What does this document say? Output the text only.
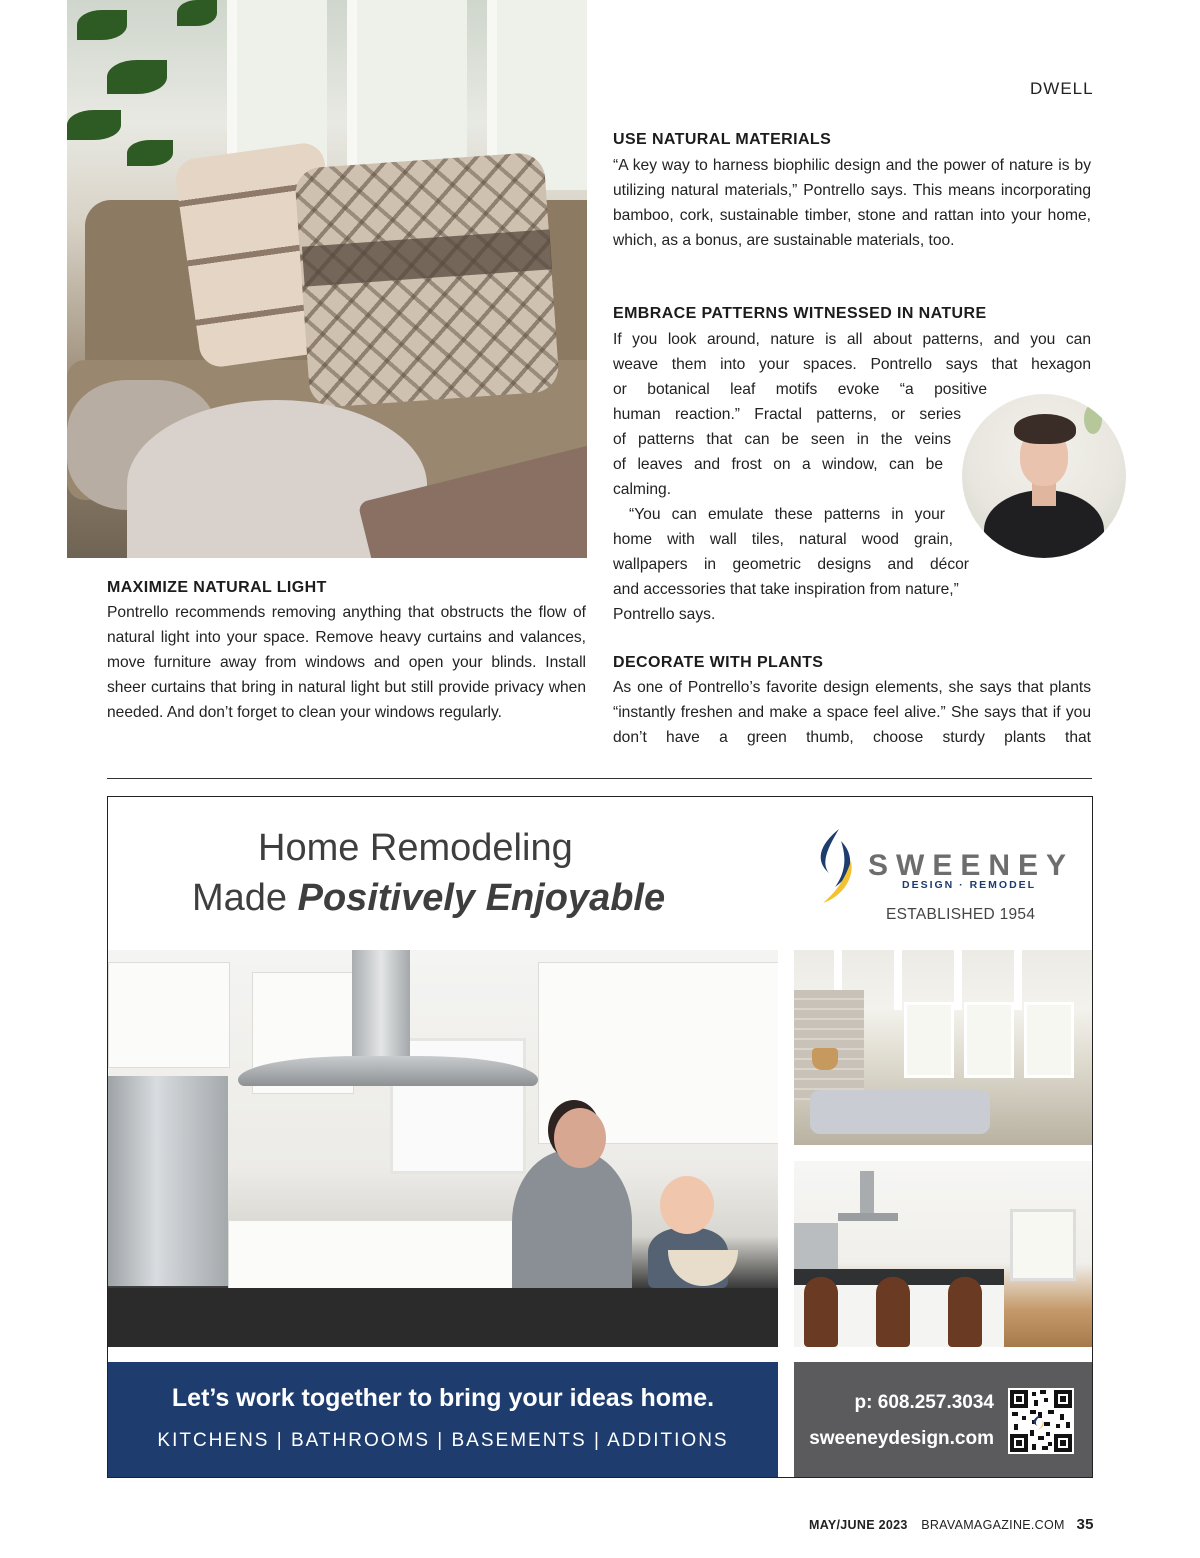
DWELL
USE NATURAL MATERIALS

“A key way to harness biophilic design and the power of nature is by utilizing natural materials,” Pontrello says. This means incorporating bamboo, cork, sustainable timber, stone and rattan into your home, which, as a bonus, are sustainable materials, too.

EMBRACE PATTERNS WITNESSED IN NATURE

If you look around, nature is all about patterns, and you can

weave them into your spaces. Pontrello says that hexagon

or botanical leaf motifs evoke “a positive

human reaction.” Fractal patterns, or series

of patterns that can be seen in the veins

of leaves and frost on a window, can be

calming.

“You can emulate these patterns in your

home with wall tiles, natural wood grain,

wallpapers in geometric designs and décor

and accessories that take inspiration from nature,”

Pontrello says.

DECORATE WITH PLANTS

As one of Pontrello’s favorite design elements, she says that plants “instantly freshen and make a space feel alive.” She says that if you don’t have a green thumb, choose sturdy plants that

MAXIMIZE NATURAL LIGHT

Pontrello recommends removing anything that obstructs the flow of natural light into your space. Remove heavy curtains and valances, move furniture away from windows and open your blinds. Install sheer curtains that bring in natural light but still provide privacy when needed. And don’t forget to clean your windows regularly.

Home Remodeling
Made Positively Enjoyable
SWEENEY
DESIGN · REMODEL
ESTABLISHED 1954
Let’s work together to bring your ideas home.
KITCHENS | BATHROOMS | BASEMENTS | ADDITIONS
p: 608.257.3034
sweeneydesign.com
MAY/JUNE 2023 BRAVAMAGAZINE.COM 35
